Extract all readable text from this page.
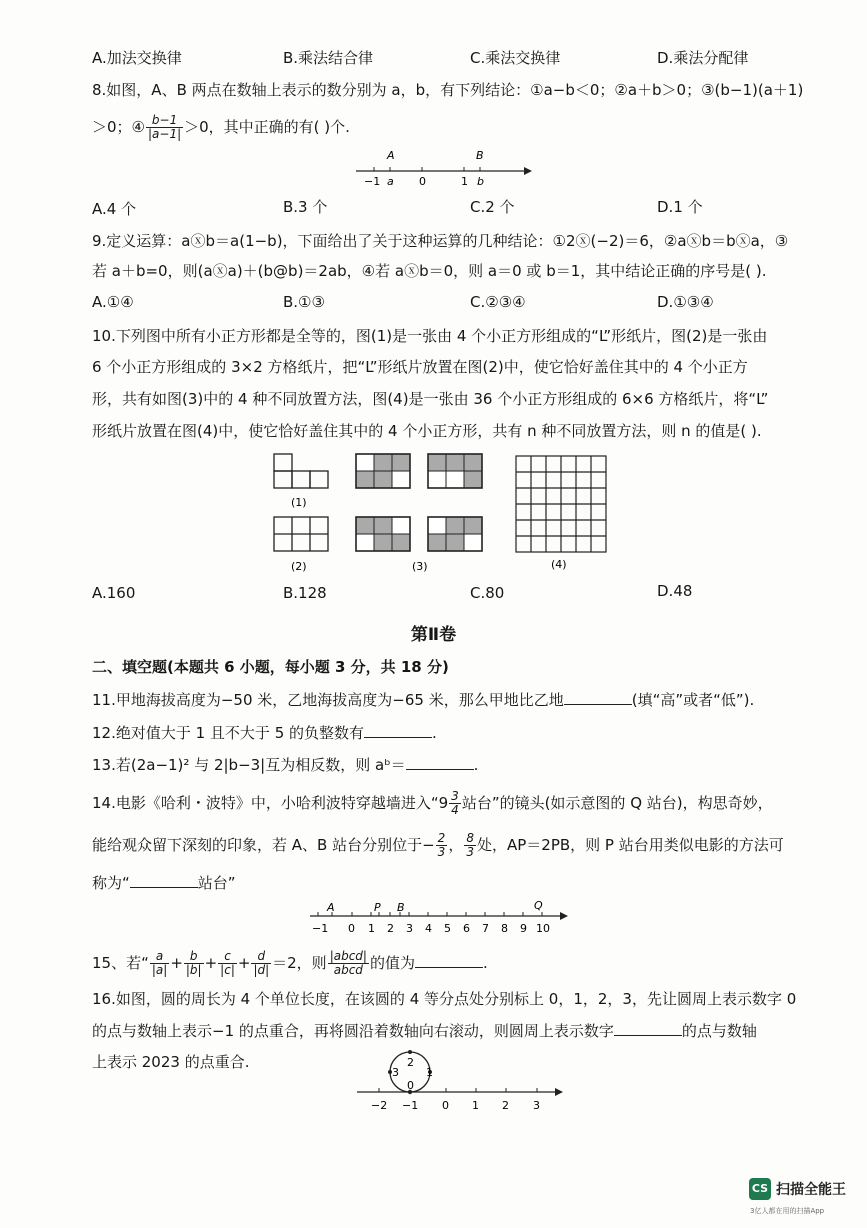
A.加法交换律	B.乘法结合律	C.乘法交换律	D.乘法分配律
8.如图，A、B 两点在数轴上表示的数分别为 a，b，有下列结论：①a−b＜0；②a＋b＞0；③(b−1)(a＋1)
＞0；④ $\frac{b-1}{|a-1|} >0$，其中正确的有( )个.
A	B
−1 a 0	1 b
A.4 个	B.3 个	C.2 个	D.1 个
9.定义运算：aⓧb＝a(1−b)，下面给出了关于这种运算的几种结论：①2ⓧ(−2)＝6，②aⓧb＝bⓧa，③
若 a＋b=0，则(aⓧa)＋(b@b)＝2ab，④若 aⓧb＝0，则 a＝0 或 b＝1，其中结论正确的序号是( ).
A.①④	B.①③	C.②③④	D.①③④
10.下列图中所有小正方形都是全等的，图(1)是一张由 4 个小正方形组成的“L”形纸片，图(2)是一张由
6 个小正方形组成的 3×2 方格纸片，把“L”形纸片放置在图(2)中，使它恰好盖住其中的 4 个小正方
形，共有如图(3)中的 4 种不同放置方法，图(4)是一张由 36 个小正方形组成的 6×6 方格纸片，将“L”
形纸片放置在图(4)中，使它恰好盖住其中的 4 个小正方形，共有 n 种不同放置方法，则 n 的值是( ).
(1)
(2)	(3)	(4)
A.160	B.128	C.80	D.48
第Ⅱ卷
二、填空题(本题共 6 小题，每小题 3 分，共 18 分)
11.甲地海拔高度为−50 米，乙地海拔高度为−65 米，那么甲地比乙地	(填“高”或者“低”).
12.绝对值大于 1 且不大于 5 的负整数有	.
13.若(2a−1)² 与 2|b−3|互为相反数，则 aᵇ＝	.
14.电影《哈利・波特》中，小哈利波特穿越墙进入“$9 \frac{3}{4}$ 站台”的镜头(如示意图的 Q 站台)，构思奇妙，
能给观众留下深刻的印象，若 A、B 站台分别位于− $\frac{2}{3}$ ， $\frac{8}{3}$ 处，AP＝2PB，则 P 站台用类似电影的方法可
称为“	站台”
A	P B	Q
−1 0 1 2 3 4 5 6 7 8 9 10
15、若“ $\frac{a}{|a|} + \frac{b}{|b|} + \frac{c}{|c|} + \frac{d}{|d|} =2$，则 $\frac{\text{|abcd|}}{\text{abcd}}$ 的值为	.
16.如图，圆的周长为 4 个单位长度，在该圆的 4 等分点处分别标上 0，1，2，3，先让圆周上表示数字 0
的点与数轴上表示−1 的点重合，再将圆沿着数轴向右滚动，则圆周上表示数字	的点与数轴
上表示 2023 的点重合.	2
1
3
0
−2 −1 0 1 2 3
CS 扫描全能王
3亿人都在用的扫描App
